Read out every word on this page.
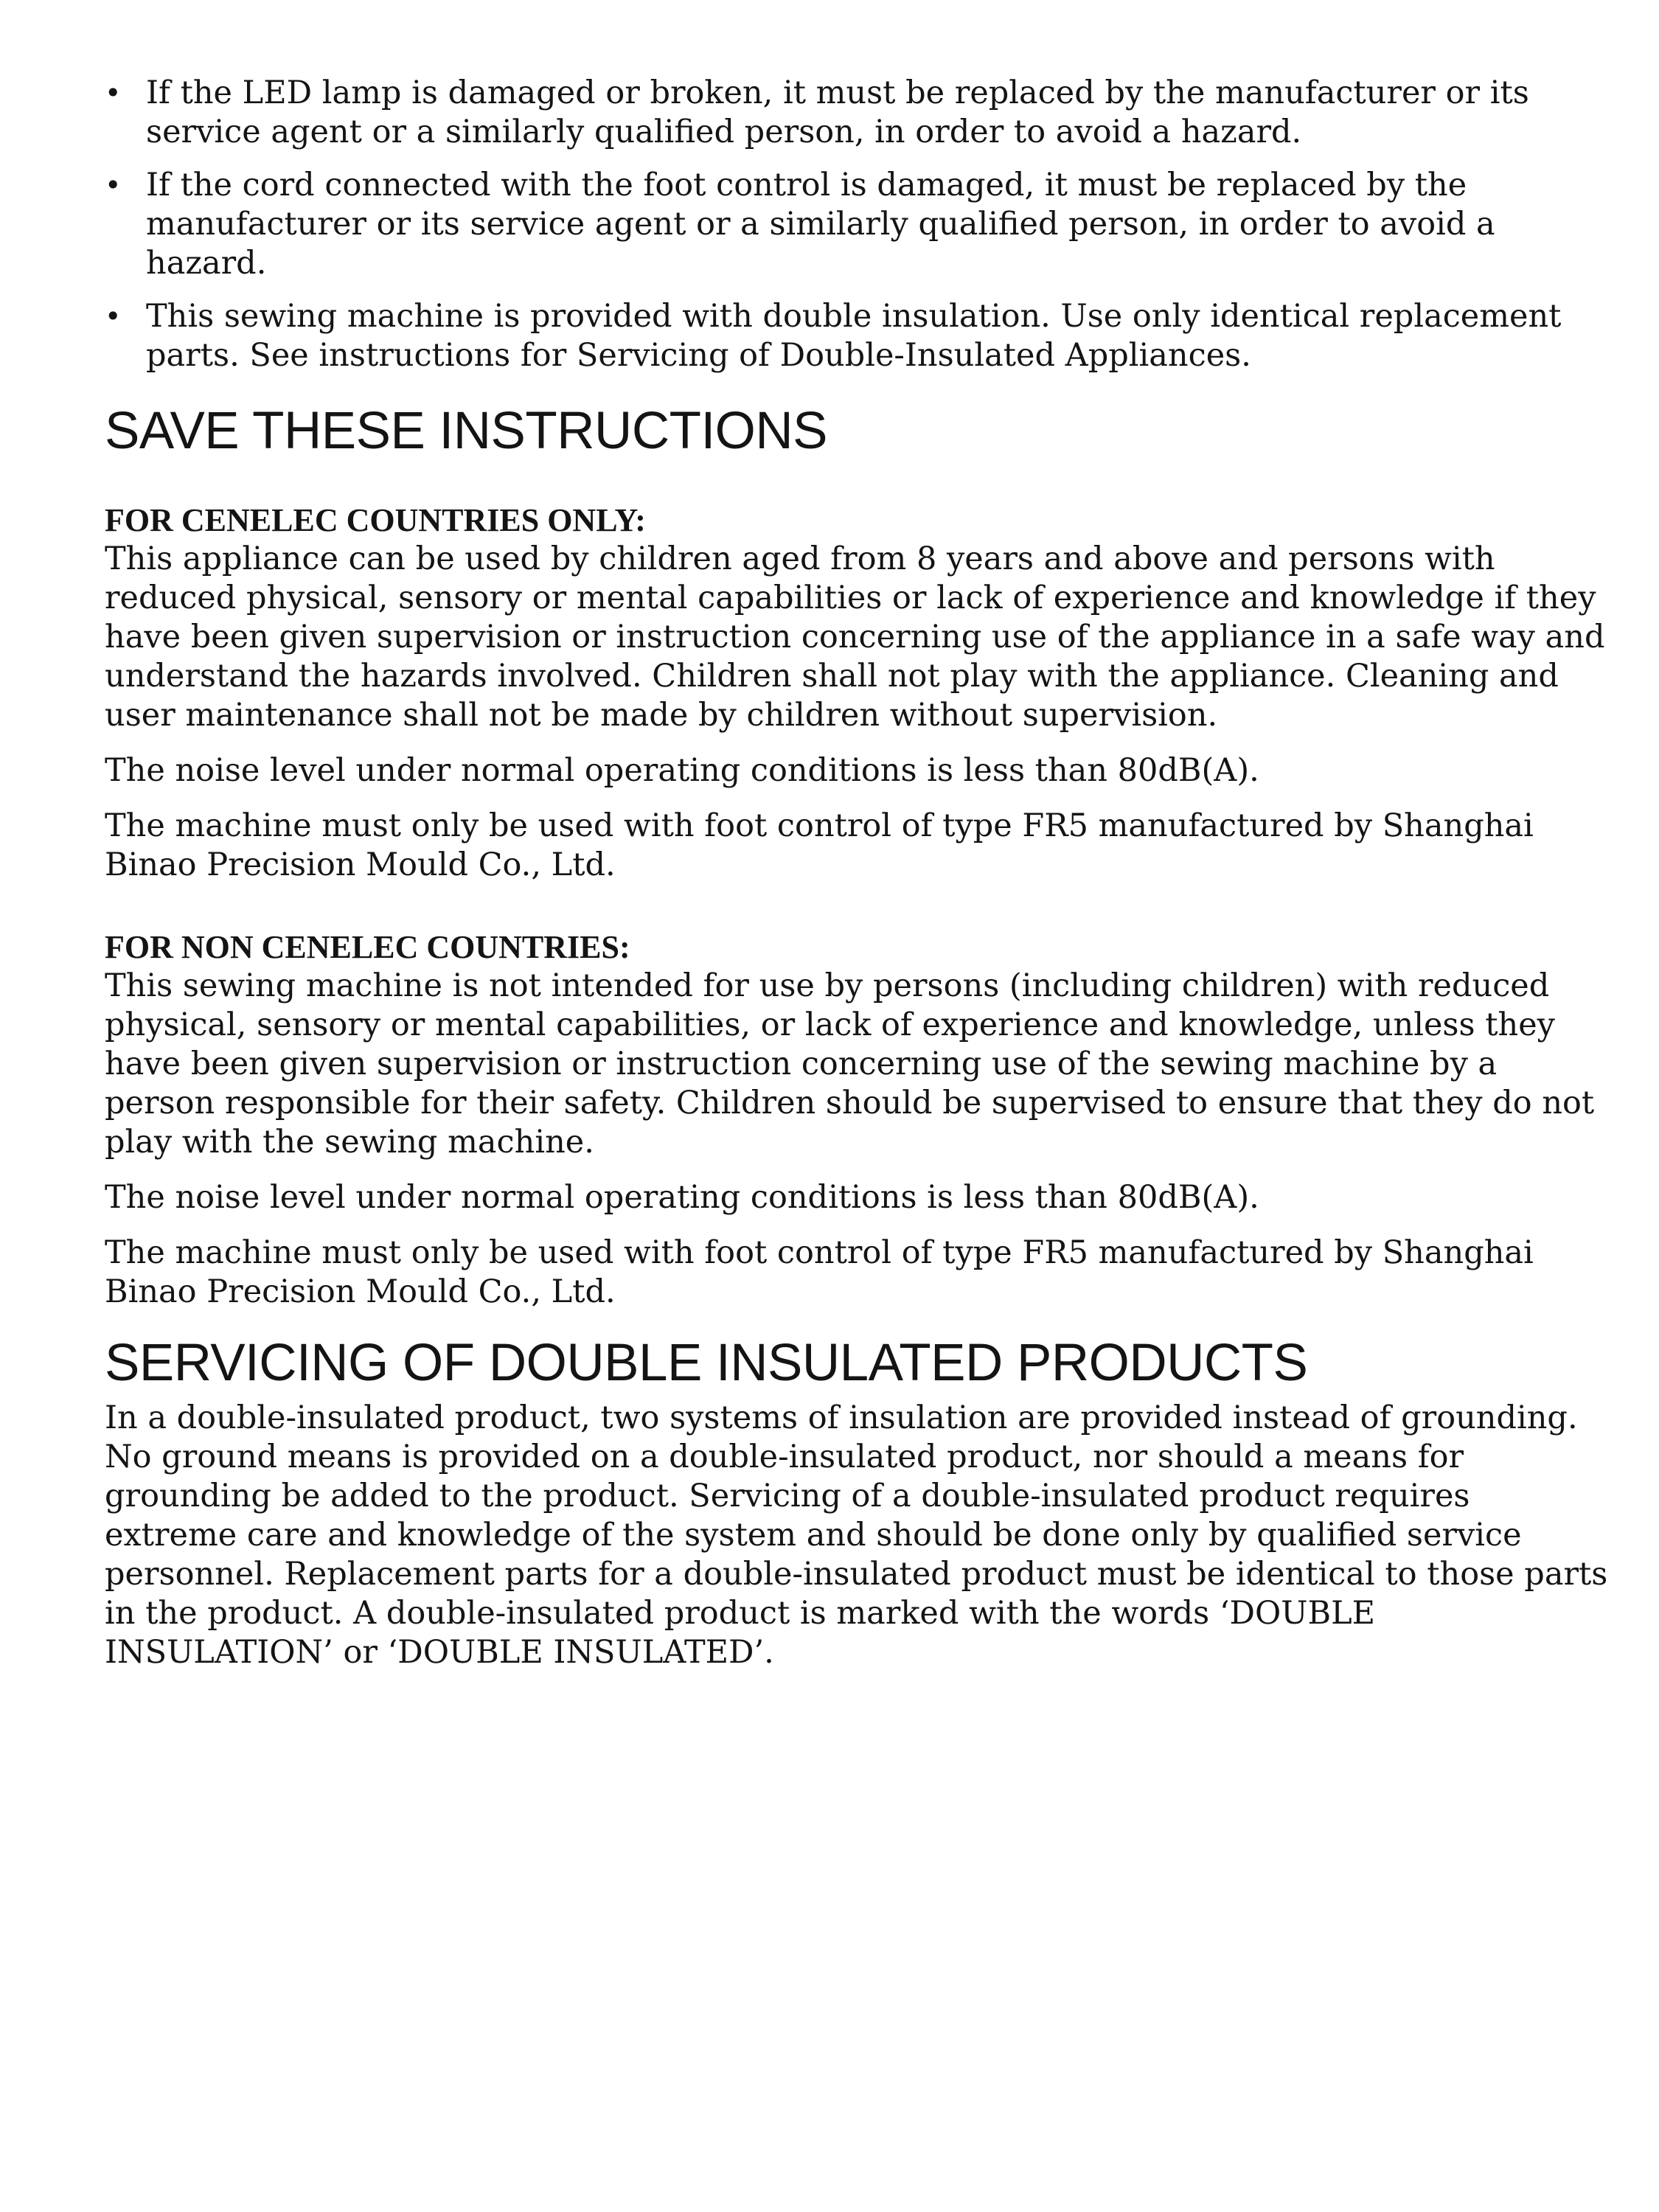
• If the LED lamp is damaged or broken, it must be replaced by the manufacturer or its service agent or a similarly qualified person, in order to avoid a hazard.
• If the cord connected with the foot control is damaged, it must be replaced by the manufacturer or its service agent or a similarly qualified person, in order to avoid a hazard.
• This sewing machine is provided with double insulation. Use only identical replacement parts. See instructions for Servicing of Double-Insulated Appliances.
SAVE THESE INSTRUCTIONS

FOR CENELEC COUNTRIES ONLY:

This appliance can be used by children aged from 8 years and above and persons with reduced physical, sensory or mental capabilities or lack of experience and knowledge if they have been given supervision or instruction concerning use of the appliance in a safe way and understand the hazards involved. Children shall not play with the appliance. Cleaning and user maintenance shall not be made by children without supervision.

The noise level under normal operating conditions is less than 80dB(A).

The machine must only be used with foot control of type FR5 manufactured by Shanghai Binao Precision Mould Co., Ltd.

FOR NON CENELEC COUNTRIES:

This sewing machine is not intended for use by persons (including children) with reduced physical, sensory or mental capabilities, or lack of experience and knowledge, unless they have been given supervision or instruction concerning use of the sewing machine by a person responsible for their safety. Children should be supervised to ensure that they do not play with the sewing machine.

The noise level under normal operating conditions is less than 80dB(A).

The machine must only be used with foot control of type FR5 manufactured by Shanghai Binao Precision Mould Co., Ltd.

SERVICING OF DOUBLE INSULATED PRODUCTS

In a double-insulated product, two systems of insulation are provided instead of grounding. No ground means is provided on a double-insulated product, nor should a means for grounding be added to the product. Servicing of a double-insulated product requires extreme care and knowledge of the system and should be done only by qualified service personnel. Replacement parts for a double-insulated product must be identical to those parts in the product. A double-insulated product is marked with the words ‘DOUBLE INSULATION’ or ‘DOUBLE INSULATED’.
